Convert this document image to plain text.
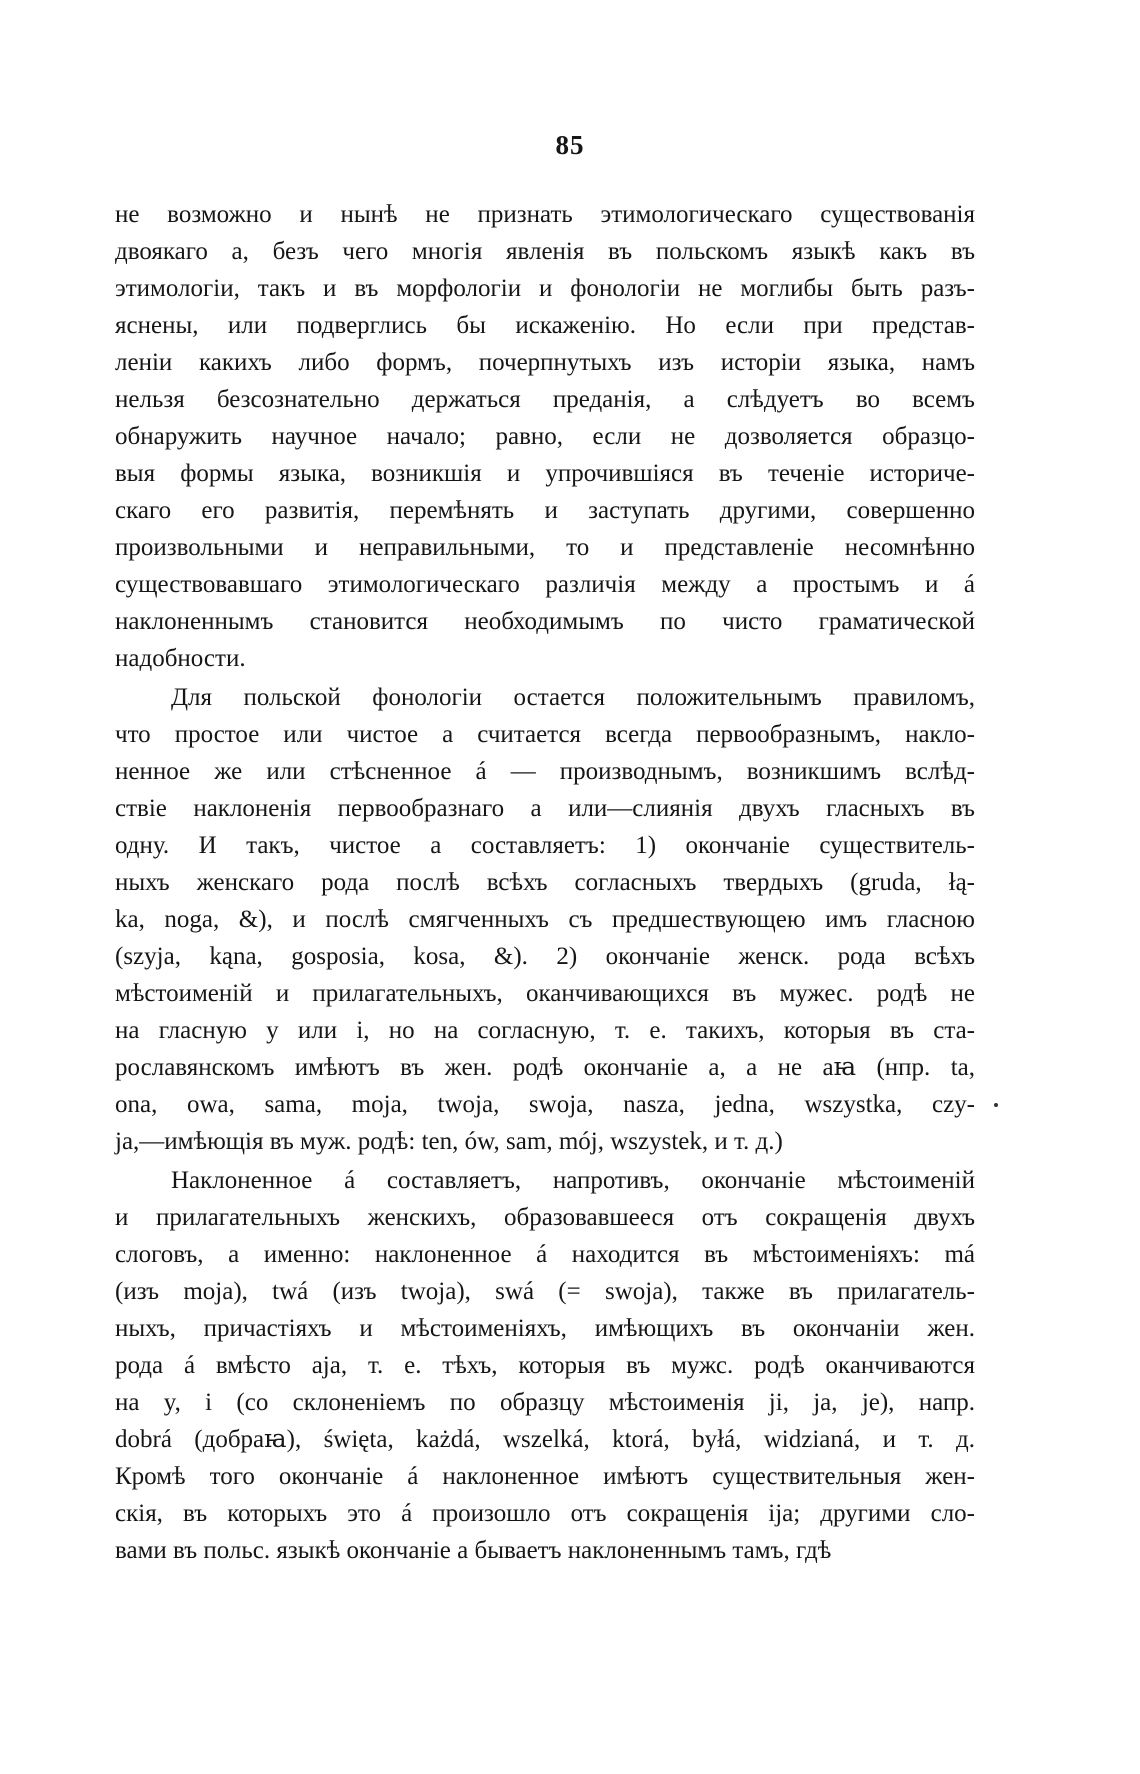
85
не возможно и нынѣ не признать этимологическаго существованія
двоякаго a, безъ чего многія явленія въ польскомъ языкѣ какъ въ
этимологіи, такъ и въ морфологіи и фонологіи не моглибы быть разъ-
яснены, или подверглись бы искаженію. Но если при представ-
леніи какихъ либо формъ, почерпнутыхъ изъ исторіи языка, намъ
нельзя безсознательно держаться преданія, а слѣдуетъ во всемъ
обнаружить научное начало; равно, если не дозволяется образцо-
выя формы языка, возникшія и упрочившіяся въ теченіе историче-
скаго его развитія, перемѣнять и заступать другими, совершенно
произвольными и неправильными, то и представленіе несомнѣнно
существовавшаго этимологическаго различія между a простымъ и á
наклоненнымъ становится необходимымъ по чисто граматической
надобности.
Для польской фонологіи остается положительнымъ правиломъ,
что простое или чистое a считается всегда первообразнымъ, накло-
ненное же или стѣсненное á — производнымъ, возникшимъ вслѣд-
ствіе наклоненія первообразнаго a или—слиянія двухъ гласныхъ въ
одну. И такъ, чистое a составляетъ: 1) окончаніе существитель-
ныхъ женскаго рода послѣ всѣхъ согласныхъ твердыхъ (gruda, łą-
ka, noga, &), и послѣ смягченныхъ съ предшествующею имъ гласною
(szyja, kąna, gosposia, kosa, &). 2) окончаніе женск. рода всѣхъ
мѣстоименій и прилагательныхъ, оканчивающихся въ мужес. родѣ не
на гласную y или i, но на согласную, т. е. такихъ, которыя въ ста-
рославянскомъ имѣютъ въ жен. родѣ окончаніе а, а не аꙗ (нпр. ta,
ona, owa, sama, moja, twoja, swoja, nasza, jedna, wszystka, czy-
ja,—имѣющія въ муж. родѣ: ten, ów, sam, mój, wszystek, и т. д.)
Наклоненное á составляетъ, напротивъ, окончаніе мѣстоименій
и прилагательныхъ женскихъ, образовавшееся отъ сокращенія двухъ
слоговъ, а именно: наклоненное á находится въ мѣстоименіяхъ: má
(изъ moja), twá (изъ twoja), swá (= swoja), также въ прилагатель-
ныхъ, причастіяхъ и мѣстоименіяхъ, имѣющихъ въ окончаніи жен.
рода á вмѣсто aja, т. е. тѣхъ, которыя въ мужс. родѣ оканчиваются
на y, i (со склоненіемъ по образцу мѣстоименія ji, ja, je), напр.
dobrá (добраꙗ), święta, każdá, wszelká, ktorá, byłá, widzianá, и т. д.
Кромѣ того окончаніе á наклоненное имѣютъ существительныя жен-
скія, въ которыхъ это á произошло отъ сокращенія ija; другими сло-
вами въ польс. языкѣ окончаніе a бываетъ наклоненнымъ тамъ, гдѣ
